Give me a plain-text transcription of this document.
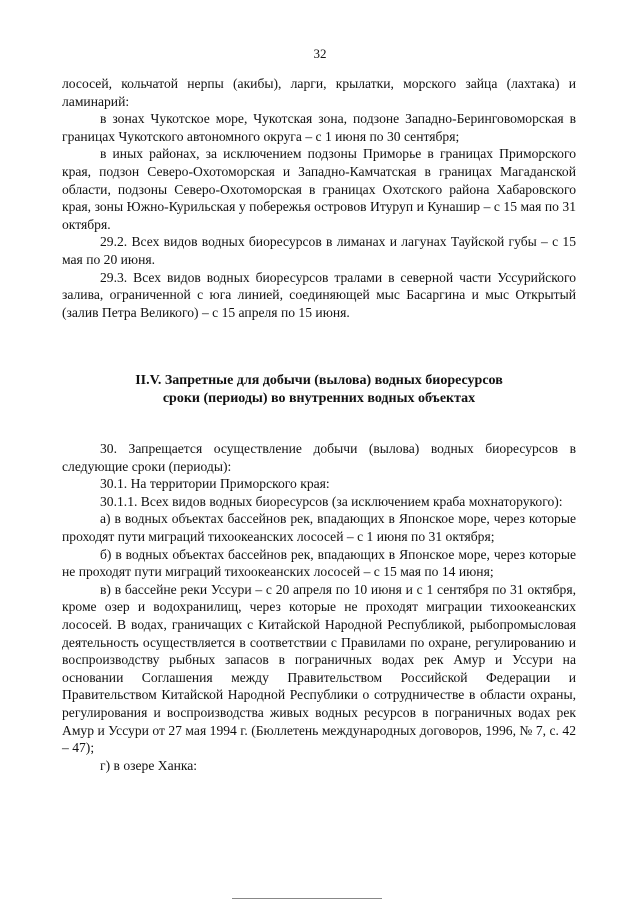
32

лососей, кольчатой нерпы (акибы), ларги, крылатки, морского зайца (лахтака) и ламинарий:

в зонах Чукотское море, Чукотская зона, подзоне Западно-Беринговоморская в границах Чукотского автономного округа – с 1 июня по 30 сентября;

в иных районах, за исключением подзоны Приморье в границах Приморского края, подзон Северо-Охотоморская и Западно-Камчатская в границах Магаданской области, подзоны Северо-Охотоморская в границах Охотского района Хабаровского края, зоны Южно-Курильская у побережья островов Итуруп и Кунашир – с 15 мая по 31 октября.

29.2. Всех видов водных биоресурсов в лиманах и лагунах Тауйской губы – с 15 мая по 20 июня.

29.3. Всех видов водных биоресурсов тралами в северной части Уссурийского залива, ограниченной с юга линией, соединяющей мыс Басаргина и мыс Открытый (залив Петра Великого) – с 15 апреля по 15 июня.

II.V. Запретные для добычи (вылова) водных биоресурсов
сроки (периоды) во внутренних водных объектах

30. Запрещается осуществление добычи (вылова) водных биоресурсов в следующие сроки (периоды):

30.1. На территории Приморского края:

30.1.1. Всех видов водных биоресурсов (за исключением краба мохнаторукого):

а) в водных объектах бассейнов рек, впадающих в Японское море, через которые проходят пути миграций тихоокеанских лососей – с 1 июня по 31 октября;

б) в водных объектах бассейнов рек, впадающих в Японское море, через которые не проходят пути миграций тихоокеанских лососей – с 15 мая по 14 июня;

в) в бассейне реки Уссури – с 20 апреля по 10 июня и с 1 сентября по 31 октября, кроме озер и водохранилищ, через которые не проходят миграции тихоокеанских лососей. В водах, граничащих с Китайской Народной Республикой, рыбопромысловая деятельность осуществляется в соответствии с Правилами по охране, регулированию и воспроизводству рыбных запасов в пограничных водах рек Амур и Уссури на основании Соглашения между Правительством Российской Федерации и Правительством Китайской Народной Республики о сотрудничестве в области охраны, регулирования и воспроизводства живых водных ресурсов в пограничных водах рек Амур и Уссури от 27 мая 1994 г. (Бюллетень международных договоров, 1996, № 7, с. 42 – 47);

г) в озере Ханка:
